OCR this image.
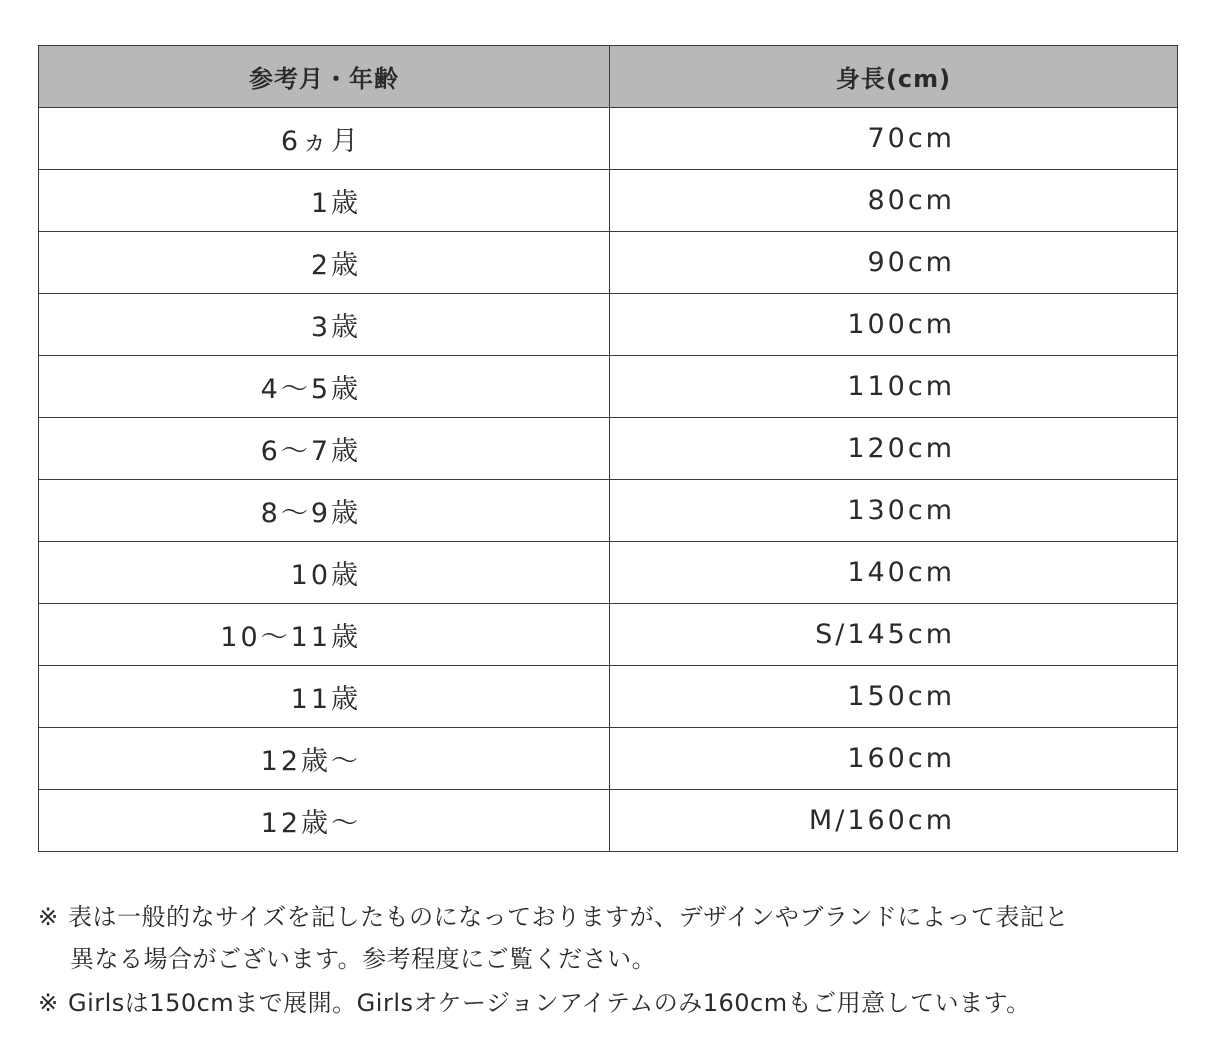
参考月・年齢	身長(cm)
6ヵ月	70cm
1歳	80cm
2歳	90cm
3歳	100cm
4〜5歳	110cm
6〜7歳	120cm
8〜9歳	130cm
10歳	140cm
10〜11歳	S/145cm
11歳	150cm
12歳〜	160cm
12歳〜	M/160cm

※ 表は一般的なサイズを記したものになっておりますが、デザインやブランドによって表記と
異なる場合がございます。参考程度にご覧ください。

※ Girlsは150cmまで展開。Girlsオケージョンアイテムのみ160cmもご用意しています。
